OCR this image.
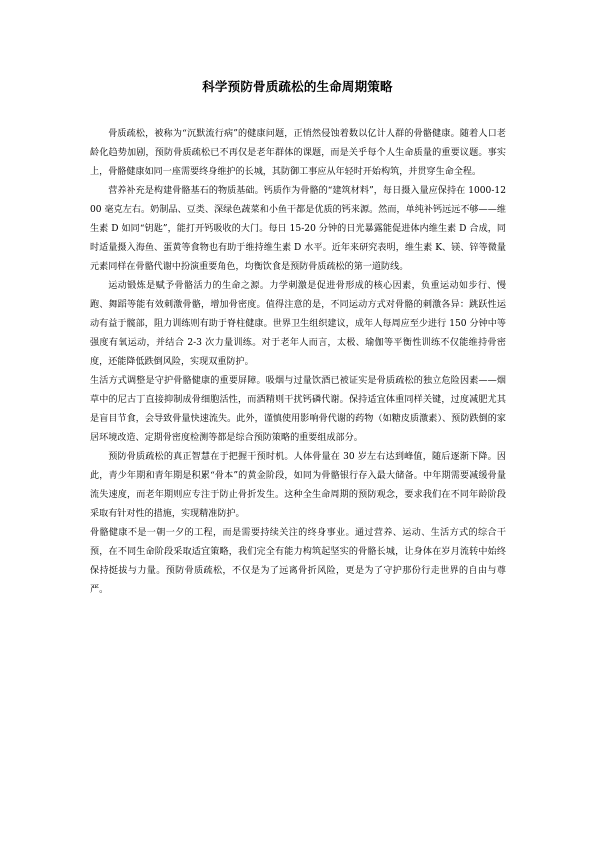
科学预防骨质疏松的生命周期策略

骨质疏松，被称为“沉默流行病”的健康问题，正悄然侵蚀着数以亿计人群的骨骼健康。随着人口老龄化趋势加剧，预防骨质疏松已不再仅是老年群体的课题，而是关乎每个人生命质量的重要议题。事实上，骨骼健康如同一座需要终身维护的长城，其防御工事应从年轻时开始构筑，并贯穿生命全程。

营养补充是构建骨骼基石的物质基础。钙质作为骨骼的“建筑材料”，每日摄入量应保持在 1000-1200 毫克左右。奶制品、豆类、深绿色蔬菜和小鱼干都是优质的钙来源。然而，单纯补钙远远不够——维生素 D 如同“钥匙”，能打开钙吸收的大门。每日 15-20 分钟的日光暴露能促进体内维生素 D 合成，同时适量摄入海鱼、蛋黄等食物也有助于维持维生素 D 水平。近年来研究表明，维生素 K、镁、锌等微量元素同样在骨骼代谢中扮演重要角色，均衡饮食是预防骨质疏松的第一道防线。

运动锻炼是赋予骨骼活力的生命之源。力学刺激是促进骨形成的核心因素，负重运动如步行、慢跑、舞蹈等能有效刺激骨骼，增加骨密度。值得注意的是，不同运动方式对骨骼的刺激各异：跳跃性运动有益于髋部，阻力训练则有助于脊柱健康。世界卫生组织建议，成年人每周应至少进行 150 分钟中等强度有氧运动，并结合 2-3 次力量训练。对于老年人而言，太极、瑜伽等平衡性训练不仅能维持骨密度，还能降低跌倒风险，实现双重防护。

生活方式调整是守护骨骼健康的重要屏障。吸烟与过量饮酒已被证实是骨质疏松的独立危险因素——烟草中的尼古丁直接抑制成骨细胞活性，而酒精则干扰钙磷代谢。保持适宜体重同样关键，过度减肥尤其是盲目节食，会导致骨量快速流失。此外，谨慎使用影响骨代谢的药物（如糖皮质激素）、预防跌倒的家居环境改造、定期骨密度检测等都是综合预防策略的重要组成部分。

预防骨质疏松的真正智慧在于把握干预时机。人体骨量在 30 岁左右达到峰值，随后逐渐下降。因此，青少年期和青年期是积累“骨本”的黄金阶段，如同为骨骼银行存入最大储备。中年期需要减缓骨量流失速度，而老年期则应专注于防止骨折发生。这种全生命周期的预防观念，要求我们在不同年龄阶段采取有针对性的措施，实现精准防护。

骨骼健康不是一朝一夕的工程，而是需要持续关注的终身事业。通过营养、运动、生活方式的综合干预，在不同生命阶段采取适宜策略，我们完全有能力构筑起坚实的骨骼长城，让身体在岁月流转中始终保持挺拔与力量。预防骨质疏松，不仅是为了远离骨折风险，更是为了守护那份行走世界的自由与尊严。
